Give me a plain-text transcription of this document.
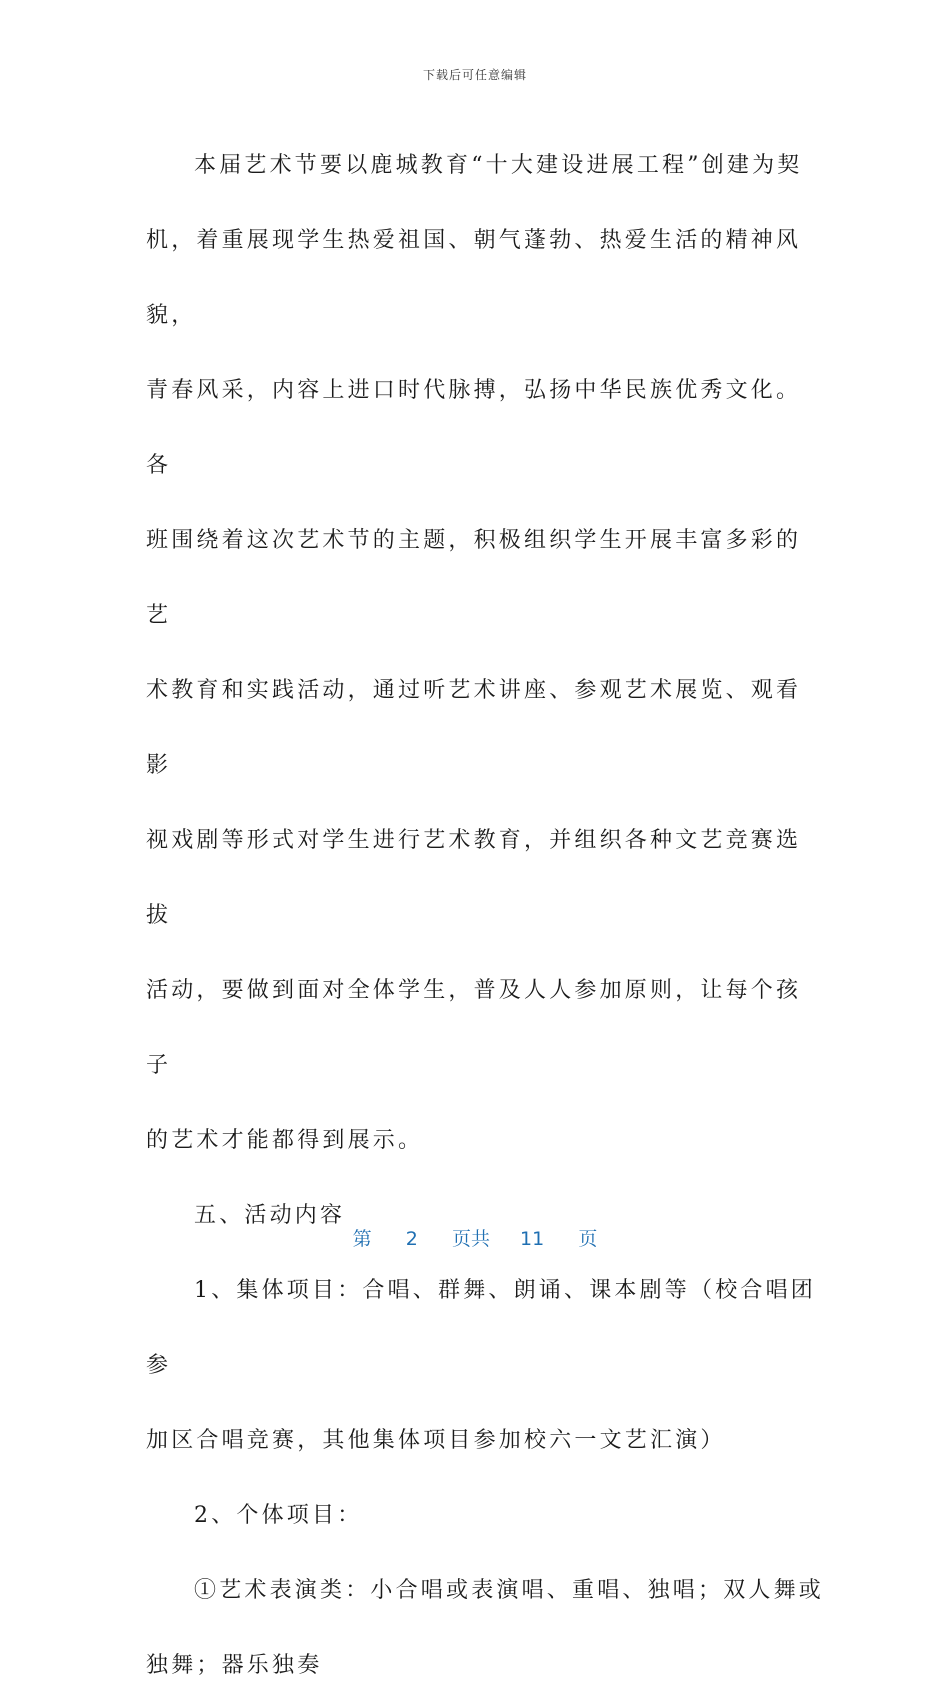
下载后可任意编辑
本届艺术节要以鹿城教育“十大建设进展工程”创建为契
机，着重展现学生热爱祖国、朝气蓬勃、热爱生活的精神风貌，
青春风采，内容上进口时代脉搏，弘扬中华民族优秀文化。各
班围绕着这次艺术节的主题，积极组织学生开展丰富多彩的艺
术教育和实践活动，通过听艺术讲座、参观艺术展览、观看影
视戏剧等形式对学生进行艺术教育，并组织各种文艺竞赛选拔
活动，要做到面对全体学生，普及人人参加原则，让每个孩子
的艺术才能都得到展示。
五、活动内容
1、集体项目：合唱、群舞、朗诵、课本剧等（校合唱团参
加区合唱竞赛，其他集体项目参加校六一文艺汇演）
2、个体项目：
①艺术表演类：小合唱或表演唱、重唱、独唱；双人舞或
独舞；器乐独奏
第 2 页共 11 页
